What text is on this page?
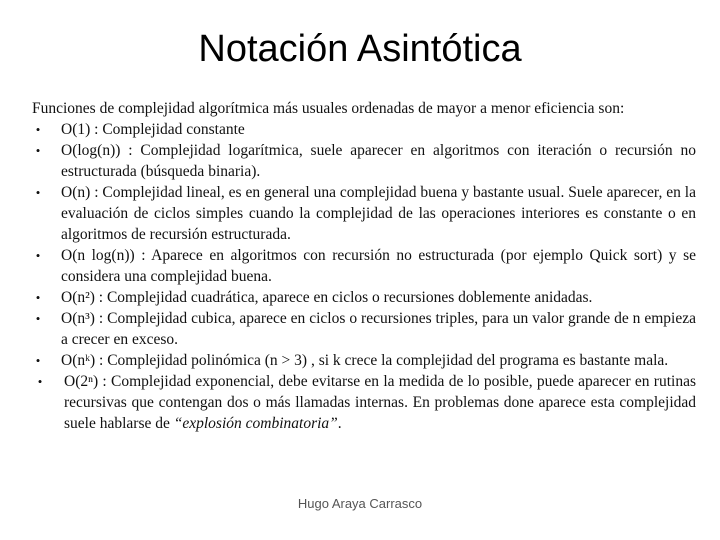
Notación Asintótica
Funciones de complejidad algorítmica más usuales ordenadas de mayor a menor eficiencia son:
• O(1) : Complejidad constante
• O(log(n)) : Complejidad logarítmica, suele aparecer en algoritmos con iteración o recursión no estructurada (búsqueda binaria).
• O(n) : Complejidad lineal, es en general una complejidad buena y bastante usual. Suele aparecer, en la evaluación de ciclos simples cuando la complejidad de las operaciones interiores es constante o en algoritmos de recursión estructurada.
• O(n log(n)) : Aparece en algoritmos con recursión no estructurada (por ejemplo Quick sort) y se considera una complejidad buena.
• O(n²) : Complejidad cuadrática, aparece en ciclos o recursiones doblemente anidadas.
• O(n³) : Complejidad cubica, aparece en ciclos o recursiones triples, para un valor grande de n empieza a crecer en exceso.
• O(nᵏ) : Complejidad polinómica (n > 3) , si k crece la complejidad del programa es bastante mala.
• O(2ⁿ) : Complejidad exponencial, debe evitarse en la medida de lo posible, puede aparecer en rutinas recursivas que contengan dos o más llamadas internas. En problemas done aparece esta complejidad suele hablarse de “explosión combinatoria”.
Hugo Araya Carrasco
